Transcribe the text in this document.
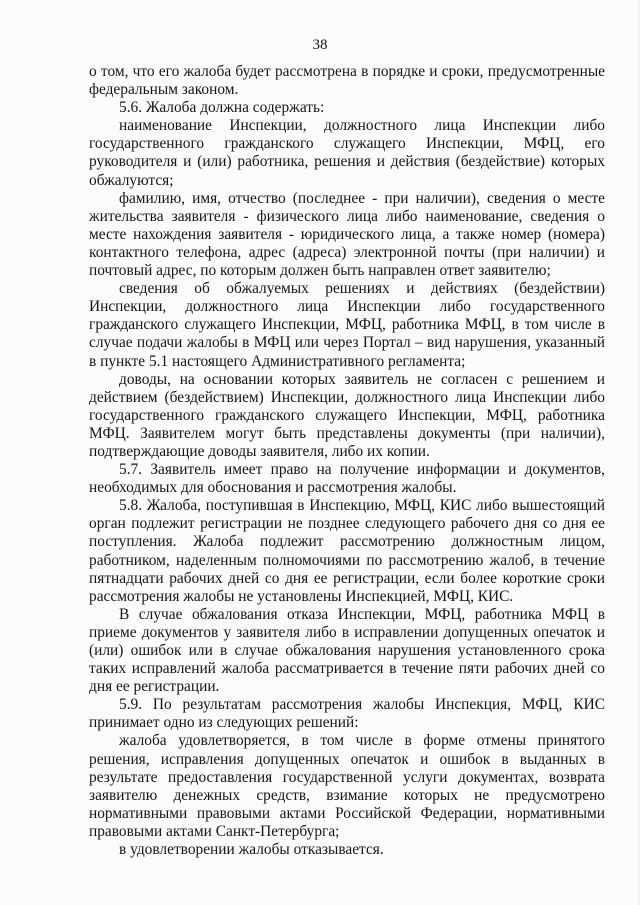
38

о том, что его жалоба будет рассмотрена в порядке и сроки, предусмотренные федеральным законом.

5.6. Жалоба должна содержать:

наименование Инспекции, должностного лица Инспекции либо государственного гражданского служащего Инспекции, МФЦ, его руководителя и (или) работника, решения и действия (бездействие) которых обжалуются;

фамилию, имя, отчество (последнее - при наличии), сведения о месте жительства заявителя - физического лица либо наименование, сведения о месте нахождения заявителя - юридического лица, а также номер (номера) контактного телефона, адрес (адреса) электронной почты (при наличии) и почтовый адрес, по которым должен быть направлен ответ заявителю;

сведения об обжалуемых решениях и действиях (бездействии) Инспекции, должностного лица Инспекции либо государственного гражданского служащего Инспекции, МФЦ, работника МФЦ, в том числе в случае подачи жалобы в МФЦ или через Портал – вид нарушения, указанный в пункте 5.1 настоящего Административного регламента;

доводы, на основании которых заявитель не согласен с решением и действием (бездействием) Инспекции, должностного лица Инспекции либо государственного гражданского служащего Инспекции, МФЦ, работника МФЦ. Заявителем могут быть представлены документы (при наличии), подтверждающие доводы заявителя, либо их копии.

5.7. Заявитель имеет право на получение информации и документов, необходимых для обоснования и рассмотрения жалобы.

5.8. Жалоба, поступившая в Инспекцию, МФЦ, КИС либо вышестоящий орган подлежит регистрации не позднее следующего рабочего дня со дня ее поступления. Жалоба подлежит рассмотрению должностным лицом, работником, наделенным полномочиями по рассмотрению жалоб, в течение пятнадцати рабочих дней со дня ее регистрации, если более короткие сроки рассмотрения жалобы не установлены Инспекцией, МФЦ, КИС.

В случае обжалования отказа Инспекции, МФЦ, работника МФЦ в приеме документов у заявителя либо в исправлении допущенных опечаток и (или) ошибок или в случае обжалования нарушения установленного срока таких исправлений жалоба рассматривается в течение пяти рабочих дней со дня ее регистрации.

5.9. По результатам рассмотрения жалобы Инспекция, МФЦ, КИС принимает одно из следующих решений:

жалоба удовлетворяется, в том числе в форме отмены принятого решения, исправления допущенных опечаток и ошибок в выданных в результате предоставления государственной услуги документах, возврата заявителю денежных средств, взимание которых не предусмотрено нормативными правовыми актами Российской Федерации, нормативными правовыми актами Санкт-Петербурга;

в удовлетворении жалобы отказывается.
